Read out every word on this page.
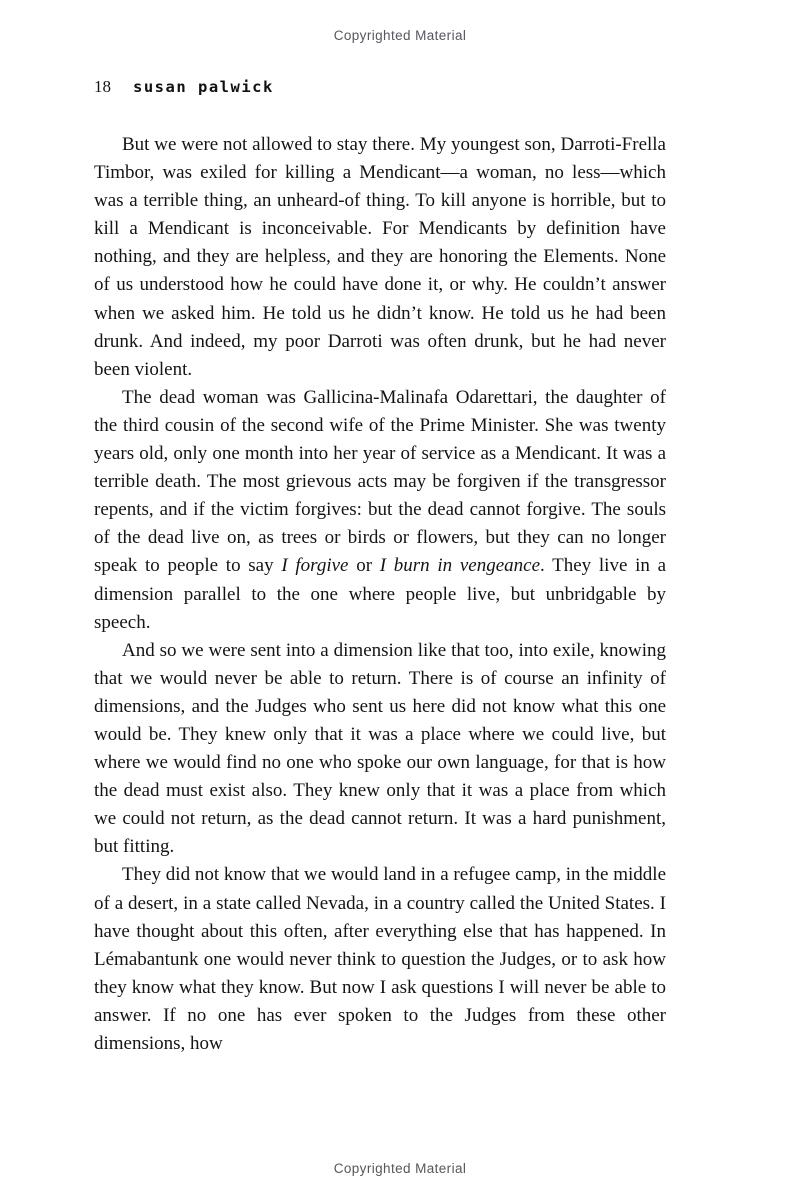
Copyrighted Material
18 susan palwick

But we were not allowed to stay there. My youngest son, Darroti-Frella Timbor, was exiled for killing a Mendicant—a woman, no less—which was a terrible thing, an unheard-of thing. To kill anyone is horrible, but to kill a Mendicant is inconceivable. For Mendicants by definition have nothing, and they are helpless, and they are honoring the Elements. None of us understood how he could have done it, or why. He couldn’t answer when we asked him. He told us he didn’t know. He told us he had been drunk. And indeed, my poor Darroti was often drunk, but he had never been violent.

The dead woman was Gallicina-Malinafa Odarettari, the daughter of the third cousin of the second wife of the Prime Minister. She was twenty years old, only one month into her year of service as a Mendicant. It was a terrible death. The most grievous acts may be forgiven if the transgressor repents, and if the victim forgives: but the dead cannot forgive. The souls of the dead live on, as trees or birds or flowers, but they can no longer speak to people to say I forgive or I burn in vengeance. They live in a dimension parallel to the one where people live, but unbridgable by speech.

And so we were sent into a dimension like that too, into exile, knowing that we would never be able to return. There is of course an infinity of dimensions, and the Judges who sent us here did not know what this one would be. They knew only that it was a place where we could live, but where we would find no one who spoke our own language, for that is how the dead must exist also. They knew only that it was a place from which we could not return, as the dead cannot return. It was a hard punishment, but fitting.

They did not know that we would land in a refugee camp, in the middle of a desert, in a state called Nevada, in a country called the United States. I have thought about this often, after everything else that has happened. In Lémabantunk one would never think to question the Judges, or to ask how they know what they know. But now I ask questions I will never be able to answer. If no one has ever spoken to the Judges from these other dimensions, how

Copyrighted Material
